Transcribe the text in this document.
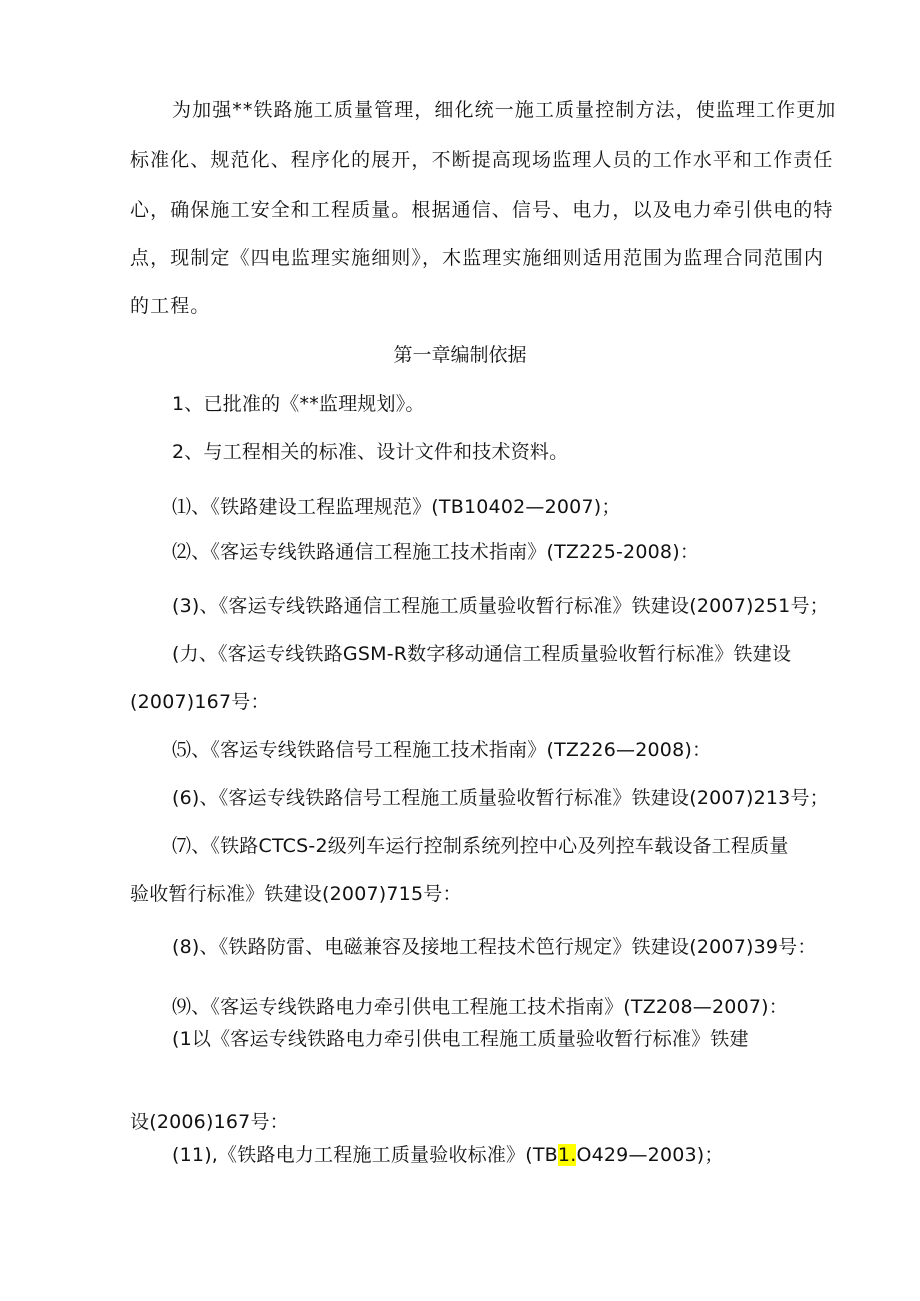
为加强**铁路施工质量管理，细化统一施工质量控制方法，使监理工作更加
标准化、规范化、程序化的展开，不断提高现场监理人员的工作水平和工作责任
心，确保施工安全和工程质量。根据通信、信号、电力，以及电力牵引供电的特
点，现制定《四电监理实施细则》，木监理实施细则适用范围为监理合同范围内
的工程。
第一章编制依据
1、已批准的《**监理规划》。
2、与工程相关的标准、设计文件和技术资料。
⑴、《铁路建设工程监理规范》(TB10402—2007)；
⑵、《客运专线铁路通信工程施工技术指南》(TZ225-2008)：
(3)、《客运专线铁路通信工程施工质量验收暂行标准》铁建设(2007)251号；
(力、《客运专线铁路GSM-R数字移动通信工程质量验收暂行标准》铁建设
(2007)167号：
⑸、《客运专线铁路信号工程施工技术指南》(TZ226—2008)：
(6)、《客运专线铁路信号工程施工质量验收暂行标准》铁建设(2007)213号；
⑺、《铁路CTCS-2级列车运行控制系统列控中心及列控车载设备工程质量
验收暂行标准》铁建设(2007)715号：
(8)、《铁路防雷、电磁兼容及接地工程技术笆行规定》铁建设(2007)39号：
⑼、《客运专线铁路电力牵引供电工程施工技术指南》(TZ208—2007)：
(1以《客运专线铁路电力牵引供电工程施工质量验收暂行标准》铁建
设(2006)167号：
(11),《铁路电力工程施工质量验收标准》(TB1.O429—2003)；
